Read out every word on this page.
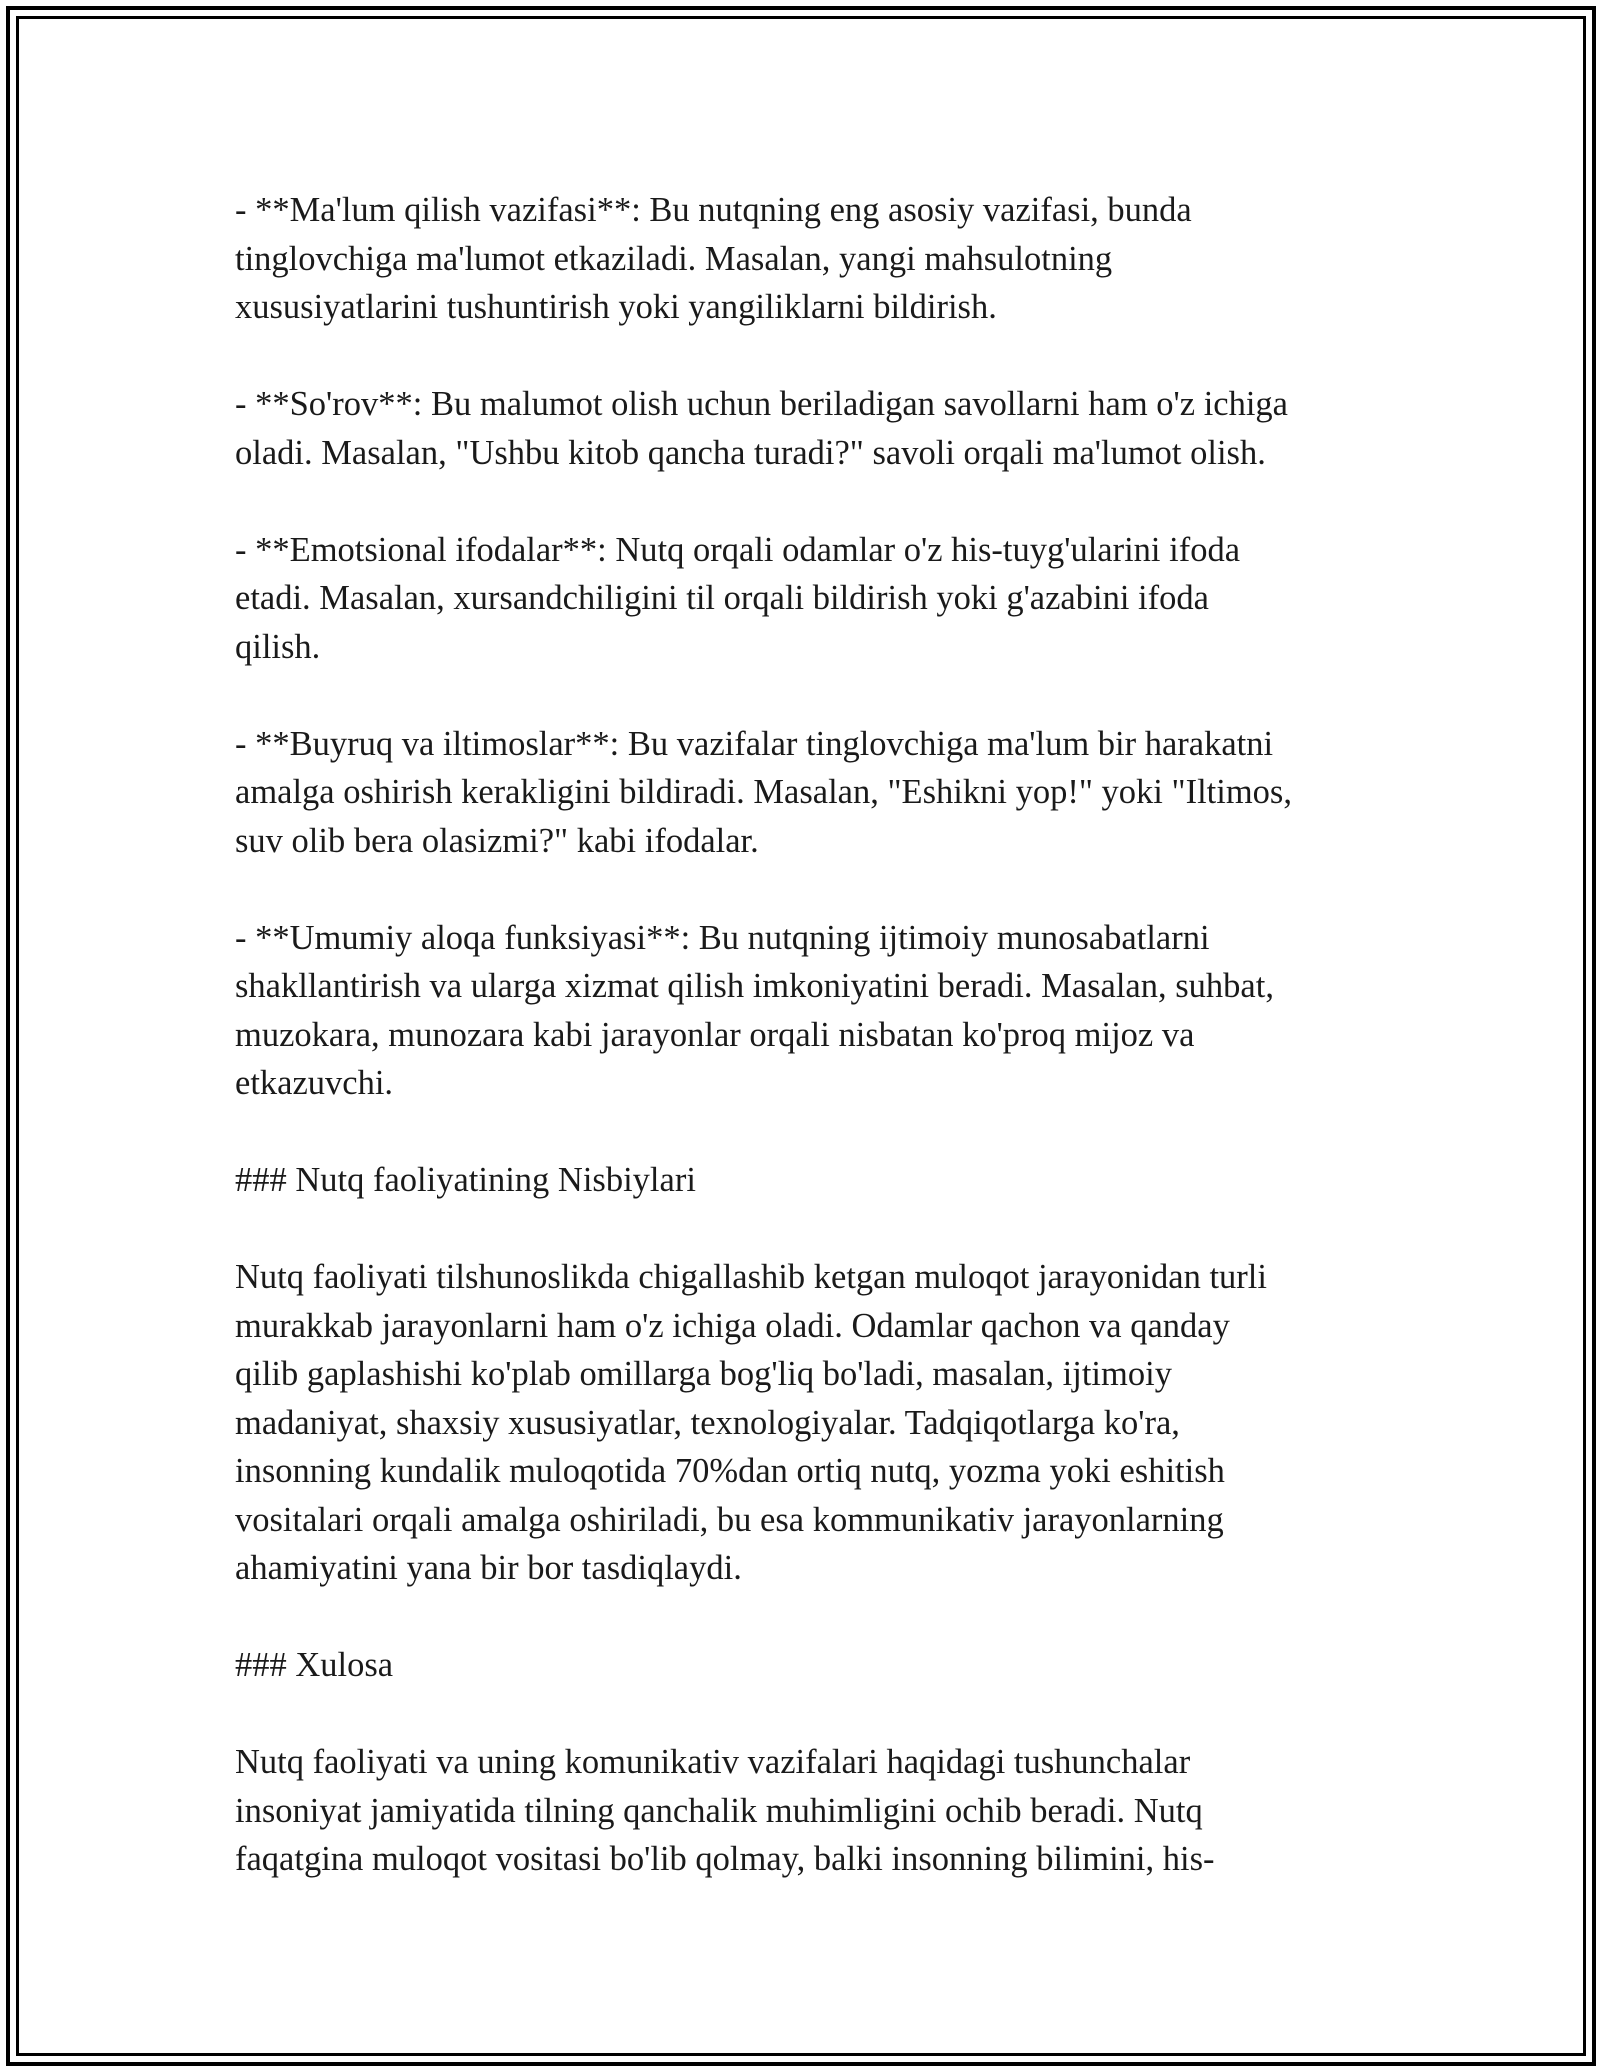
- **Ma'lum qilish vazifasi**: Bu nutqning eng asosiy vazifasi, bunda
tinglovchiga ma'lumot etkaziladi. Masalan, yangi mahsulotning
xususiyatlarini tushuntirish yoki yangiliklarni bildirish.
- **So'rov**: Bu malumot olish uchun beriladigan savollarni ham o'z ichiga
oladi. Masalan, "Ushbu kitob qancha turadi?" savoli orqali ma'lumot olish.
- **Emotsional ifodalar**: Nutq orqali odamlar o'z his-tuyg'ularini ifoda
etadi. Masalan, xursandchiligini til orqali bildirish yoki g'azabini ifoda
qilish.
- **Buyruq va iltimoslar**: Bu vazifalar tinglovchiga ma'lum bir harakatni
amalga oshirish kerakligini bildiradi. Masalan, "Eshikni yop!" yoki "Iltimos,
suv olib bera olasizmi?" kabi ifodalar.
- **Umumiy aloqa funksiyasi**: Bu nutqning ijtimoiy munosabatlarni
shakllantirish va ularga xizmat qilish imkoniyatini beradi. Masalan, suhbat,
muzokara, munozara kabi jarayonlar orqali nisbatan ko'proq mijoz va
etkazuvchi.
### Nutq faoliyatining Nisbiylari
Nutq faoliyati tilshunoslikda chigallashib ketgan muloqot jarayonidan turli
murakkab jarayonlarni ham o'z ichiga oladi. Odamlar qachon va qanday
qilib gaplashishi ko'plab omillarga bog'liq bo'ladi, masalan, ijtimoiy
madaniyat, shaxsiy xususiyatlar, texnologiyalar. Tadqiqotlarga ko'ra,
insonning kundalik muloqotida 70%dan ortiq nutq, yozma yoki eshitish
vositalari orqali amalga oshiriladi, bu esa kommunikativ jarayonlarning
ahamiyatini yana bir bor tasdiqlaydi.
### Xulosa
Nutq faoliyati va uning komunikativ vazifalari haqidagi tushunchalar
insoniyat jamiyatida tilning qanchalik muhimligini ochib beradi. Nutq
faqatgina muloqot vositasi bo'lib qolmay, balki insonning bilimini, his-
